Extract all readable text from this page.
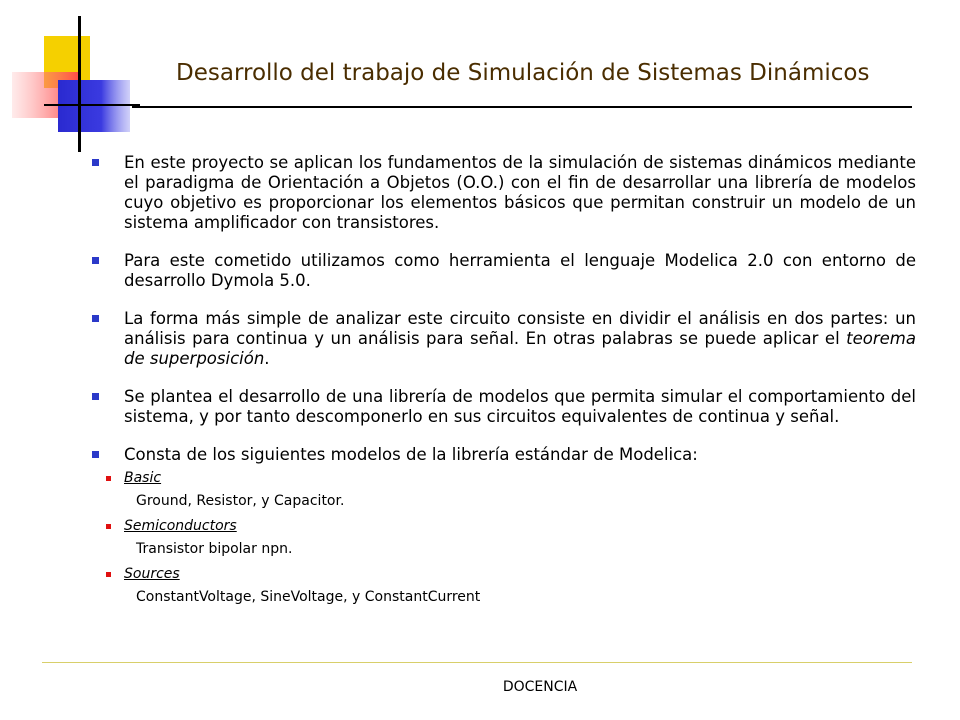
Desarrollo del trabajo de Simulación de Sistemas Dinámicos
En este proyecto se aplican los fundamentos de la simulación de sistemas dinámicos mediante el paradigma de Orientación a Objetos (O.O.) con el fin de desarrollar una librería de modelos cuyo objetivo es proporcionar los elementos básicos que permitan construir un modelo de un sistema amplificador con transistores.
Para este cometido utilizamos como herramienta el lenguaje Modelica 2.0 con entorno de desarrollo Dymola 5.0.
La forma más simple de analizar este circuito consiste en dividir el análisis en dos partes: un análisis para continua y un análisis para señal. En otras palabras se puede aplicar el teorema de superposición.
Se plantea el desarrollo de una librería de modelos que permita simular el comportamiento del sistema, y por tanto descomponerlo en sus circuitos equivalentes de continua y señal.
Consta de los siguientes modelos de la librería estándar de Modelica:
Basic
Ground, Resistor, y Capacitor.
Semiconductors
Transistor bipolar npn.
Sources
ConstantVoltage, SineVoltage, y ConstantCurrent
DOCENCIA
